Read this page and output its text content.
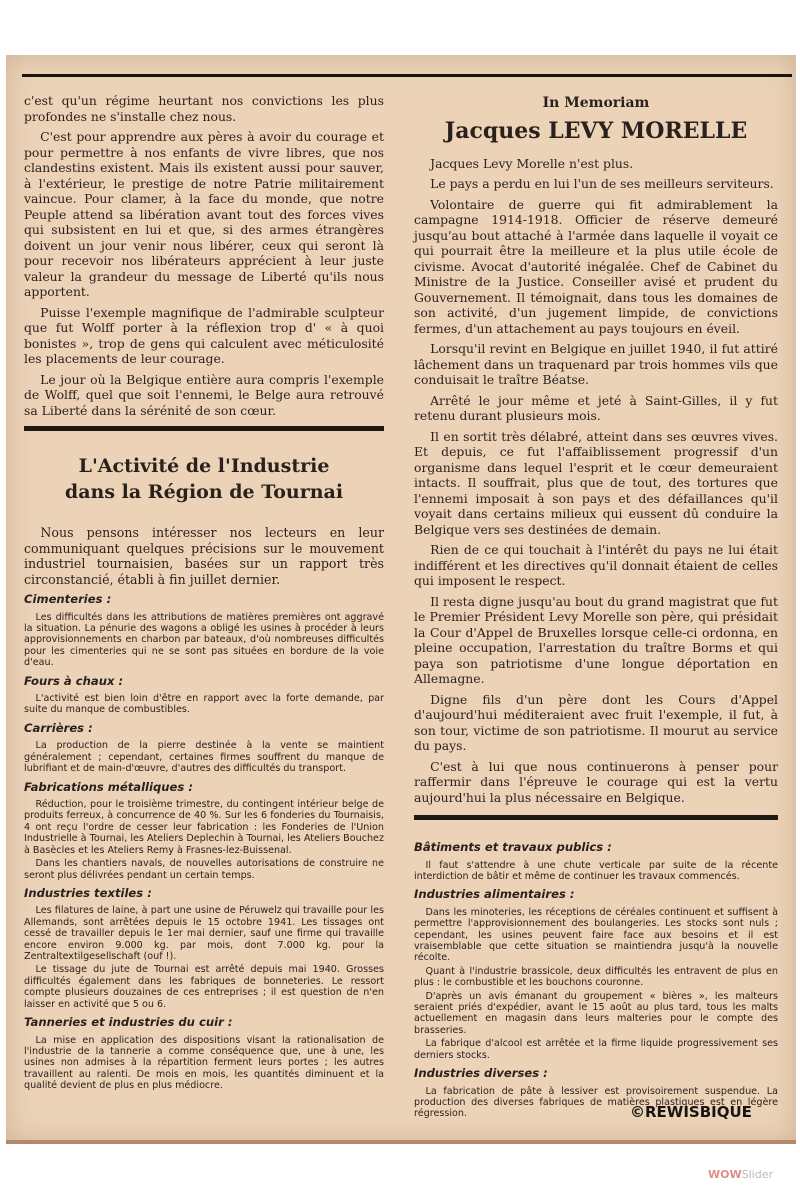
c'est qu'un régime heurtant nos convictions les plus profondes ne s'installe chez nous.

C'est pour apprendre aux pères à avoir du courage et pour permettre à nos enfants de vivre libres, que nos clandestins existent. Mais ils existent aussi pour sauver, à l'extérieur, le prestige de notre Patrie militairement vaincue. Pour clamer, à la face du monde, que notre Peuple attend sa libération avant tout des forces vives qui subsistent en lui et que, si des armes étrangères doivent un jour venir nous libérer, ceux qui seront là pour recevoir nos libérateurs apprécient à leur juste valeur la grandeur du message de Liberté qu'ils nous apportent.

Puisse l'exemple magnifique de l'admirable sculpteur que fut Wolff porter à la réflexion trop d' « à quoi bonistes », trop de gens qui calculent avec méticulosité les placements de leur courage.

Le jour où la Belgique entière aura compris l'exemple de Wolff, quel que soit l'ennemi, le Belge aura retrouvé sa Liberté dans la sérénité de son cœur.

L'Activité de l'Industrie
dans la Région de Tournai

Nous pensons intéresser nos lecteurs en leur communiquant quelques précisions sur le mouvement industriel tournaisien, basées sur un rapport très circonstancié, établi à fin juillet dernier.

Cimenteries :

Les difficultés dans les attributions de matières premières ont aggravé la situation. La pénurie des wagons a obligé les usines à procéder à leurs approvisionnements en charbon par bateaux, d'où nombreuses difficultés pour les cimenteries qui ne se sont pas situées en bordure de la voie d'eau.

Fours à chaux :

L'activité est bien loin d'être en rapport avec la forte demande, par suite du manque de combustibles.

Carrières :

La production de la pierre destinée à la vente se maintient généralement ; cependant, certaines firmes souffrent du manque de lubrifiant et de main-d'œuvre, d'autres des difficultés du transport.

Fabrications métalliques :

Réduction, pour le troisième trimestre, du contingent intérieur belge de produits ferreux, à concurrence de 40 %. Sur les 6 fonderies du Tournaisis, 4 ont reçu l'ordre de cesser leur fabrication : les Fonderies de l'Union Industrielle à Tournai, les Ateliers Deplechin à Tournai, les Ateliers Bouchez à Basècles et les Ateliers Remy à Frasnes-lez-Buissenal.

Dans les chantiers navals, de nouvelles autorisations de construire ne seront plus délivrées pendant un certain temps.

Industries textiles :

Les filatures de laine, à part une usine de Péruwelz qui travaille pour les Allemands, sont arrêtées depuis le 15 octobre 1941. Les tissages ont cessé de travailler depuis le 1er mai dernier, sauf une firme qui travaille encore environ 9.000 kg. par mois, dont 7.000 kg. pour la Zentraltextilgesellschaft (ouf !).

Le tissage du jute de Tournai est arrêté depuis mai 1940. Grosses difficultés également dans les fabriques de bonneteries. Le ressort compte plusieurs douzaines de ces entreprises ; il est question de n'en laisser en activité que 5 ou 6.

Tanneries et industries du cuir :

La mise en application des dispositions visant la rationalisation de l'industrie de la tannerie a comme conséquence que, une à une, les usines non admises à la répartition ferment leurs portes ; les autres travaillent au ralenti. De mois en mois, les quantités diminuent et la qualité devient de plus en plus médiocre.

In Memoriam
Jacques LEVY MORELLE

Jacques Levy Morelle n'est plus.

Le pays a perdu en lui l'un de ses meilleurs serviteurs.

Volontaire de guerre qui fit admirablement la campagne 1914-1918. Officier de réserve demeuré jusqu'au bout attaché à l'armée dans laquelle il voyait ce qui pourrait être la meilleure et la plus utile école de civisme. Avocat d'autorité inégalée. Chef de Cabinet du Ministre de la Justice. Conseiller avisé et prudent du Gouvernement. Il témoignait, dans tous les domaines de son activité, d'un jugement limpide, de convictions fermes, d'un attachement au pays toujours en éveil.

Lorsqu'il revint en Belgique en juillet 1940, il fut attiré lâchement dans un traquenard par trois hommes vils que conduisait le traître Béatse.

Arrêté le jour même et jeté à Saint-Gilles, il y fut retenu durant plusieurs mois.

Il en sortit très délabré, atteint dans ses œuvres vives. Et depuis, ce fut l'affaiblissement progressif d'un organisme dans lequel l'esprit et le cœur demeuraient intacts. Il souffrait, plus que de tout, des tortures que l'ennemi imposait à son pays et des défaillances qu'il voyait dans certains milieux qui eussent dû conduire la Belgique vers ses destinées de demain.

Rien de ce qui touchait à l'intérêt du pays ne lui était indifférent et les directives qu'il donnait étaient de celles qui imposent le respect.

Il resta digne jusqu'au bout du grand magistrat que fut le Premier Président Levy Morelle son père, qui présidait la Cour d'Appel de Bruxelles lorsque celle-ci ordonna, en pleine occupation, l'arrestation du traître Borms et qui paya son patriotisme d'une longue déportation en Allemagne.

Digne fils d'un père dont les Cours d'Appel d'aujourd'hui méditeraient avec fruit l'exemple, il fut, à son tour, victime de son patriotisme. Il mourut au service du pays.

C'est à lui que nous continuerons à penser pour raffermir dans l'épreuve le courage qui est la vertu aujourd'hui la plus nécessaire en Belgique.

Bâtiments et travaux publics :

Il faut s'attendre à une chute verticale par suite de la récente interdiction de bâtir et même de continuer les travaux commencés.

Industries alimentaires :

Dans les minoteries, les réceptions de céréales continuent et suffisent à permettre l'approvisionnement des boulangeries. Les stocks sont nuls ; cependant, les usines peuvent faire face aux besoins et il est vraisemblable que cette situation se maintiendra jusqu'à la nouvelle récolte.

Quant à l'industrie brassicole, deux difficultés les entravent de plus en plus : le combustible et les bouchons couronne.

D'après un avis émanant du groupement « bières », les malteurs seraient priés d'expédier, avant le 15 août au plus tard, tous les malts actuellement en magasin dans leurs malteries pour le compte des brasseries.

La fabrique d'alcool est arrêtée et la firme liquide progressivement ses derniers stocks.

Industries diverses :

La fabrication de pâte à lessiver est provisoirement suspendue. La production des diverses fabriques de matières plastiques est en légère régression.	©REWISBIQUE
WOWSlider
